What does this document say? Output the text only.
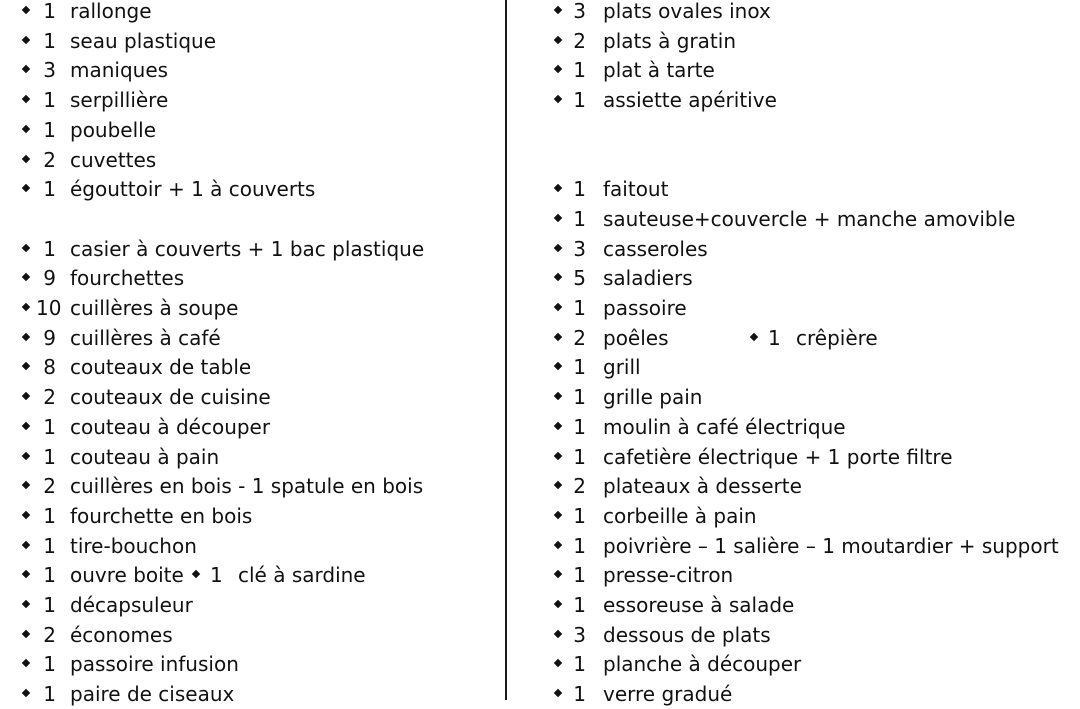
1 rallonge
1 seau plastique
3 maniques
1 serpillière
1 poubelle
2 cuvettes
1 égouttoir + 1 à couverts
1 casier à couverts + 1 bac plastique
9 fourchettes
10 cuillères à soupe
9 cuillères à café
8 couteaux de table
2 couteaux de cuisine
1 couteau à découper
1 couteau à pain
2 cuillères en bois - 1 spatule en bois
1 fourchette en bois
1 tire-bouchon
1 ouvre boite 1 clé à sardine
1 décapsuleur
2 économes
1 passoire infusion
1 paire de ciseaux
3 plats ovales inox
2 plats à gratin
1 plat à tarte
1 assiette apéritive
1 faitout
1 sauteuse+couvercle + manche amovible
3 casseroles
5 saladiers
1 passoire
2 poêles	1 crêpière
1 grill
1 grille pain
1 moulin à café électrique
1 cafetière électrique + 1 porte filtre
2 plateaux à desserte
1 corbeille à pain
1 poivrière – 1 salière – 1 moutardier + support
1 presse-citron
1 essoreuse à salade
3 dessous de plats
1 planche à découper
1 verre gradué
